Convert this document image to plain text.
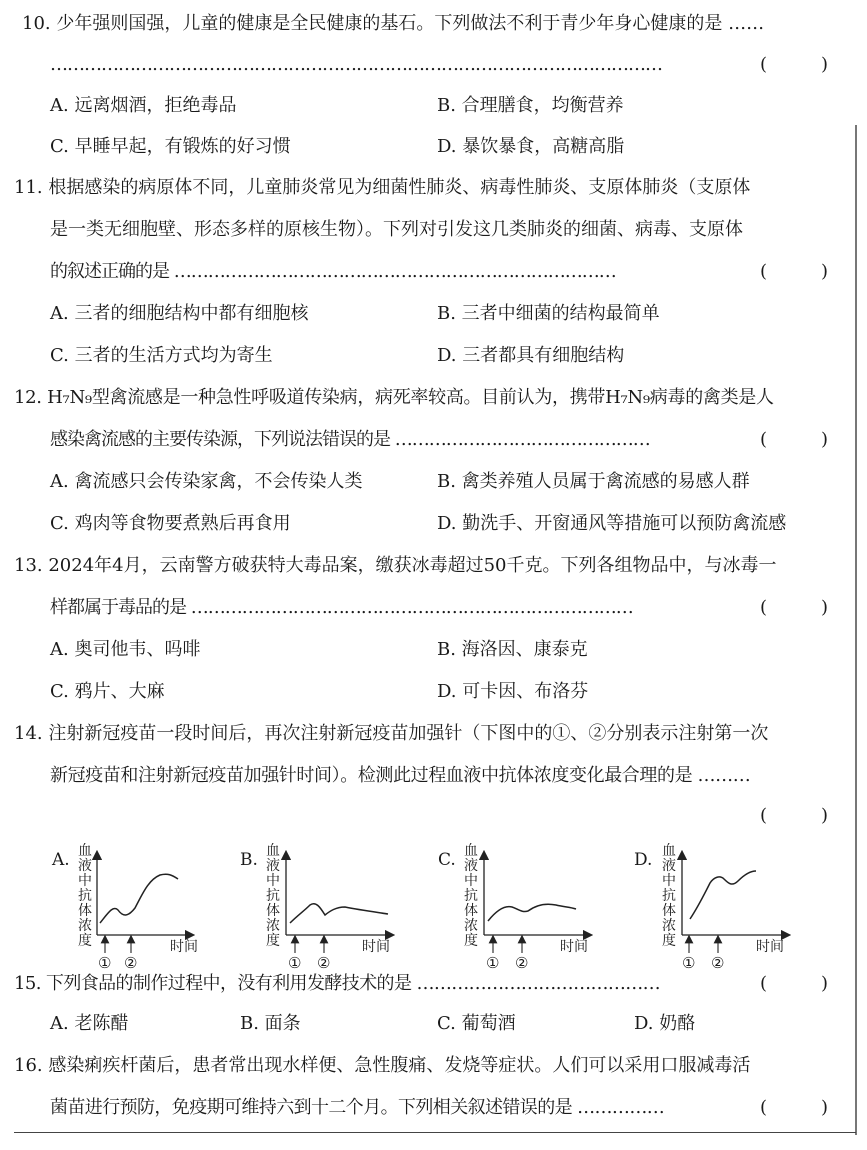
10. 少年强则国强，儿童的健康是全民健康的基石。下列做法不利于青少年身心健康的是 ……
………………………………………………………………………………………………	(　　　)
A. 远离烟酒，拒绝毒品	B. 合理膳食，均衡营养
C. 早睡早起，有锻炼的好习惯	D. 暴饮暴食，高糖高脂
11. 根据感染的病原体不同，儿童肺炎常见为细菌性肺炎、病毒性肺炎、支原体肺炎（支原体
是一类无细胞壁、形态多样的原核生物）。下列对引发这几类肺炎的细菌、病毒、支原体
的叙述正确的是 ……………………………………………………………………	(　　　)
A. 三者的细胞结构中都有细胞核	B. 三者中细菌的结构最简单
C. 三者的生活方式均为寄生	D. 三者都具有细胞结构
12. H₇N₉型禽流感是一种急性呼吸道传染病，病死率较高。目前认为，携带H₇N₉病毒的禽类是人
感染禽流感的主要传染源，下列说法错误的是 ………………………………………	(　　　)
A. 禽流感只会传染家禽，不会传染人类	B. 禽类养殖人员属于禽流感的易感人群
C. 鸡肉等食物要煮熟后再食用	D. 勤洗手、开窗通风等措施可以预防禽流感
13. 2024年4月，云南警方破获特大毒品案，缴获冰毒超过50千克。下列各组物品中，与冰毒一
样都属于毒品的是 ……………………………………………………………………	(　　　)
A. 奥司他韦、吗啡	B. 海洛因、康泰克
C. 鸦片、大麻	D. 可卡因、布洛芬
14. 注射新冠疫苗一段时间后，再次注射新冠疫苗加强针（下图中的①、②分别表示注射第一次
新冠疫苗和注射新冠疫苗加强针时间）。检测此过程血液中抗体浓度变化最合理的是 ………
(　　　)
A. 血
液
中
抗
体
浓
度
① ②
时间
B. 血
液
中
抗
体
浓
度
① ②
时间
C. 血
液
中
抗
体
浓
度
① ②
时间
D. 血
液
中
抗
体
浓
度
① ②
时间
15. 下列食品的制作过程中，没有利用发酵技术的是 ……………………………………	(　　　)
A. 老陈醋	B. 面条	C. 葡萄酒	D. 奶酪
16. 感染痢疾杆菌后，患者常出现水样便、急性腹痛、发烧等症状。人们可以采用口服减毒活
菌苗进行预防，免疫期可维持六到十二个月。下列相关叙述错误的是 ……………	(　　　)
